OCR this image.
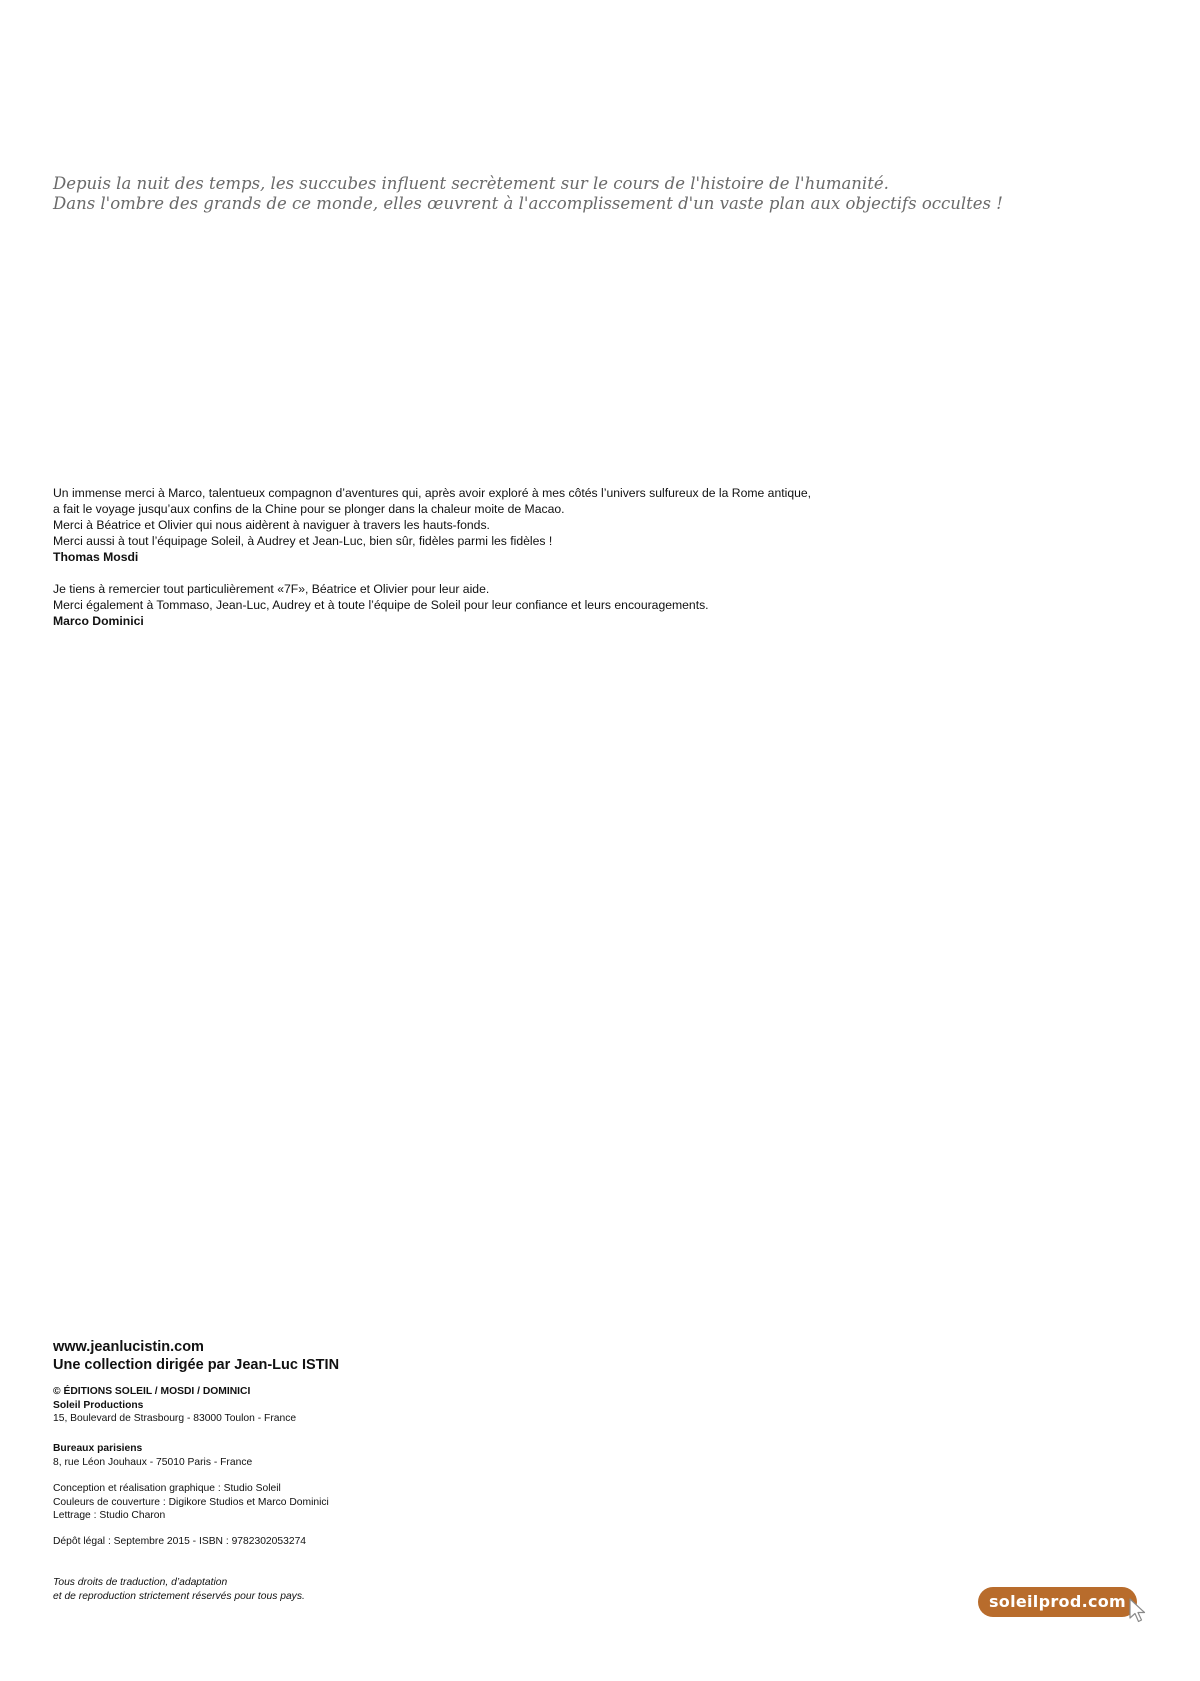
Depuis la nuit des temps, les succubes influent secrètement sur le cours de l'histoire de l'humanité.
Dans l'ombre des grands de ce monde, elles œuvrent à l'accomplissement d'un vaste plan aux objectifs occultes !
Un immense merci à Marco, talentueux compagnon d’aventures qui, après avoir exploré à mes côtés l’univers sulfureux de la Rome antique,
a fait le voyage jusqu’aux confins de la Chine pour se plonger dans la chaleur moite de Macao.
Merci à Béatrice et Olivier qui nous aidèrent à naviguer à travers les hauts-fonds.
Merci aussi à tout l’équipage Soleil, à Audrey et Jean-Luc, bien sûr, fidèles parmi les fidèles !
Thomas Mosdi
Je tiens à remercier tout particulièrement «7F», Béatrice et Olivier pour leur aide.
Merci également à Tommaso, Jean-Luc, Audrey et à toute l’équipe de Soleil pour leur confiance et leurs encouragements.
Marco Dominici
www.jeanlucistin.com
Une collection dirigée par Jean-Luc ISTIN
© ÉDITIONS SOLEIL / MOSDI / DOMINICI
Soleil Productions
15, Boulevard de Strasbourg - 83000 Toulon - France
Bureaux parisiens
8, rue Léon Jouhaux - 75010 Paris - France
Conception et réalisation graphique : Studio Soleil
Couleurs de couverture : Digikore Studios et Marco Dominici
Lettrage : Studio Charon
Dépôt légal : Septembre 2015 - ISBN : 9782302053274
Tous droits de traduction, d’adaptation
et de reproduction strictement réservés pour tous pays.	soleilprod.com
